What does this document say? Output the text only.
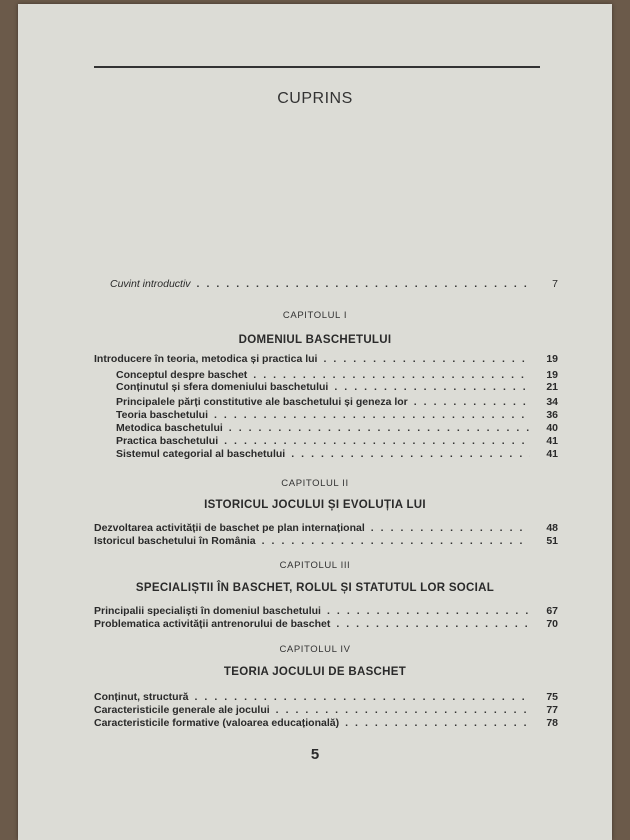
CUPRINS
Cuvint introductiv .....	7
CAPITOLUL I
DOMENIUL BASCHETULUI
Introducere în teoria, metodica și practica lui .....	19
Conceptul despre baschet .....	19
Conținutul și sfera domeniului baschetului .....	21
Principalele părți constitutive ale baschetului și geneza lor .....	34
Teoria baschetului .....	36
Metodica baschetului .....	40
Practica baschetului .....	41
Sistemul categorial al baschetului .....	41
CAPITOLUL II
ISTORICUL JOCULUI ȘI EVOLUȚIA LUI
Dezvoltarea activității de baschet pe plan internațional .....	48
Istoricul baschetului în România .....	51
CAPITOLUL III
SPECIALIȘTII ÎN BASCHET, ROLUL ȘI STATUTUL LOR SOCIAL
Principalii specialiști în domeniul baschetului .....	67
Problematica activității antrenorului de baschet .....	70
CAPITOLUL IV
TEORIA JOCULUI DE BASCHET
Conținut, structură .....	75
Caracteristicile generale ale jocului .....	77
Caracteristicile formative (valoarea educațională) .....	78
5
